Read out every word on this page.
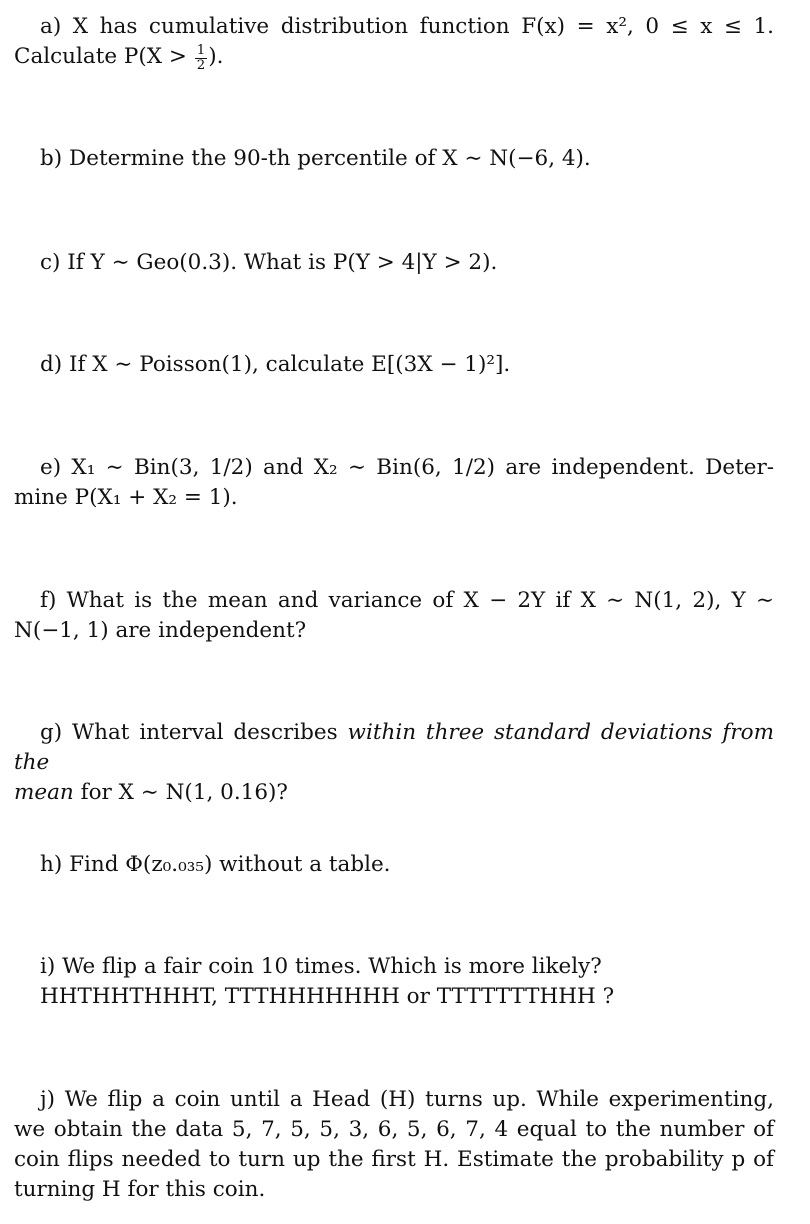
a) X has cumulative distribution function F(x) = x², 0 ≤ x ≤ 1.
Calculate $P(X > \frac{1}{2}$ ).
b) Determine the 90-th percentile of X ∼ N(−6, 4).
c) If Y ∼ Geo(0.3). What is P(Y > 4|Y > 2).
d) If X ∼ Poisson(1), calculate E[(3X − 1)²].
e) X₁ ∼ Bin(3, 1/2) and X₂ ∼ Bin(6, 1/2) are independent. Deter-
mine P(X₁ + X₂ = 1).
f) What is the mean and variance of X − 2Y if X ∼ N(1, 2), Y ∼
N(−1, 1) are independent?
g) What interval describes within three standard deviations from the
mean for X ∼ N(1, 0.16)?
h) Find Φ(z₀.₀₃₅) without a table.
i) We flip a fair coin 10 times. Which is more likely?
HHTHHTHHHT, TTTHHHHHHH or TTTTTTTHHH ?
j) We flip a coin until a Head (H) turns up. While experimenting,
we obtain the data 5, 7, 5, 5, 3, 6, 5, 6, 7, 4 equal to the number of
coin flips needed to turn up the first H. Estimate the probability p of
turning H for this coin.
